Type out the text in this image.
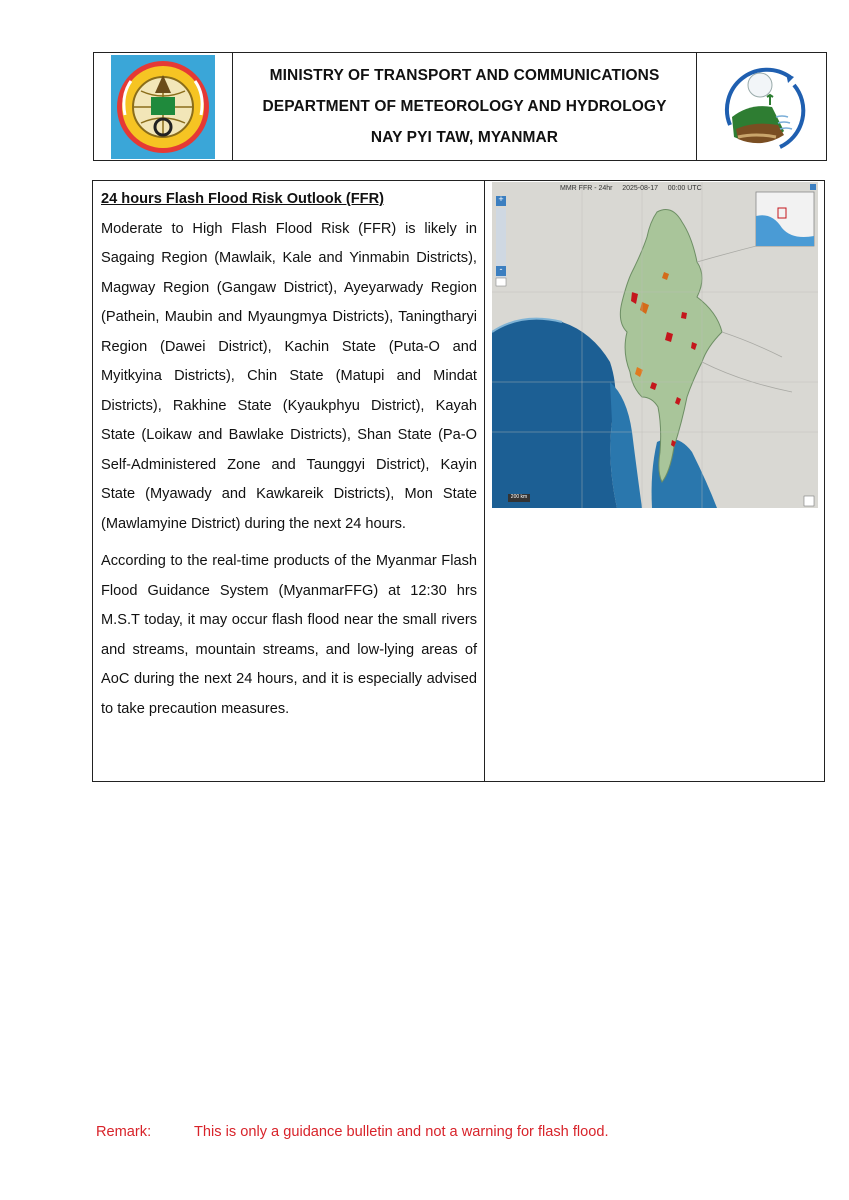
MINISTRY OF TRANSPORT AND COMMUNICATIONS
DEPARTMENT OF METEOROLOGY AND HYDROLOGY
NAY PYI TAW, MYANMAR
24 hours Flash Flood Risk Outlook (FFR)

Moderate to High Flash Flood Risk (FFR) is likely in Sagaing Region (Mawlaik, Kale and Yinmabin Districts), Magway Region (Gangaw District), Ayeyarwady Region (Pathein, Maubin and Myaungmya Districts), Taningtharyi Region (Dawei District), Kachin State (Puta-O and Myitkyina Districts), Chin State (Matupi and Mindat Districts), Rakhine State (Kyaukphyu District), Kayah State (Loikaw and Bawlake Districts), Shan State (Pa-O Self-Administered Zone and Taunggyi District), Kayin State (Myawady and Kawkareik Districts), Mon State (Mawlamyine District) during the next 24 hours.

According to the real-time products of the Myanmar Flash Flood Guidance System (MyanmarFFG) at 12:30 hrs M.S.T today, it may occur flash flood near the small rivers and streams, mountain streams, and low-lying areas of AoC during the next 24 hours, and it is especially advised to take precaution measures.

MMR FFR - 24hr 2025-08-17 00:00 UTC
+
-
200 km
Remark:	This is only a guidance bulletin and not a warning for flash flood.
